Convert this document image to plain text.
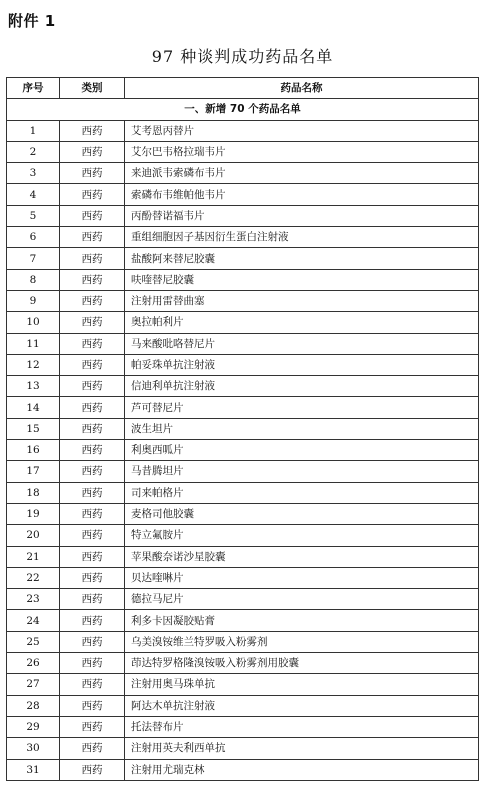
附件 1
97 种谈判成功药品名单
序号	类别	药品名称
一、新增 70 个药品名单		
1	西药	艾考恩丙替片
2	西药	艾尔巴韦格拉瑞韦片
3	西药	来迪派韦索磷布韦片
4	西药	索磷布韦维帕他韦片
5	西药	丙酚替诺福韦片
6	西药	重组细胞因子基因衍生蛋白注射液
7	西药	盐酸阿来替尼胶囊
8	西药	呋喹替尼胶囊
9	西药	注射用雷替曲塞
10	西药	奥拉帕利片
11	西药	马来酸吡咯替尼片
12	西药	帕妥珠单抗注射液
13	西药	信迪利单抗注射液
14	西药	芦可替尼片
15	西药	波生坦片
16	西药	利奥西呱片
17	西药	马昔腾坦片
18	西药	司来帕格片
19	西药	麦格司他胶囊
20	西药	特立氟胺片
21	西药	苹果酸奈诺沙星胶囊
22	西药	贝达喹啉片
23	西药	德拉马尼片
24	西药	利多卡因凝胶贴膏
25	西药	乌美溴铵维兰特罗吸入粉雾剂
26	西药	茚达特罗格隆溴铵吸入粉雾剂用胶囊
27	西药	注射用奥马珠单抗
28	西药	阿达木单抗注射液
29	西药	托法替布片
30	西药	注射用英夫利西单抗
31	西药	注射用尤瑞克林
